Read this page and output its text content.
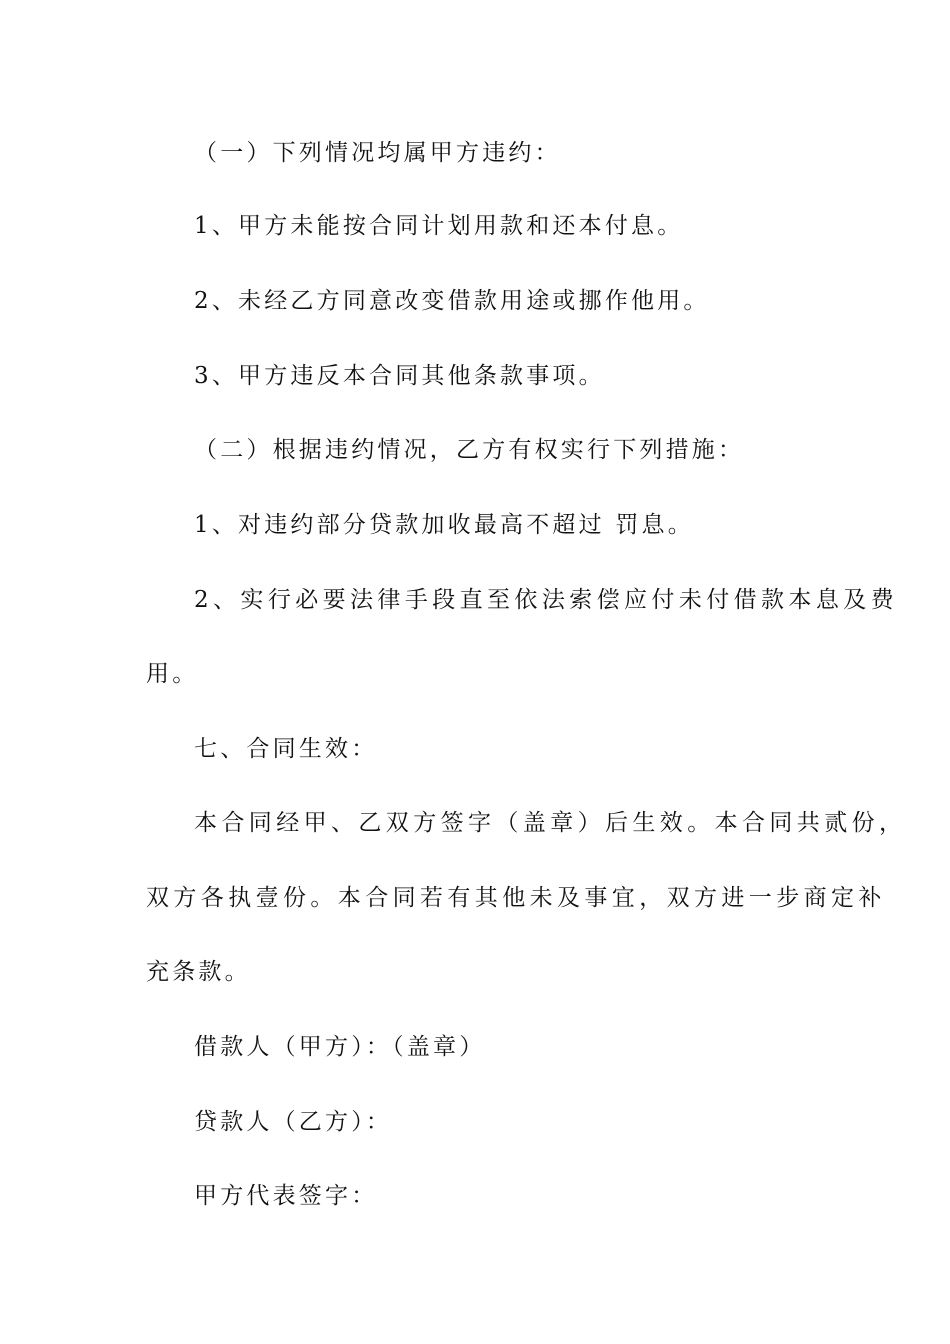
（一）下列情况均属甲方违约：
1、甲方未能按合同计划用款和还本付息。
2、未经乙方同意改变借款用途或挪作他用。
3、甲方违反本合同其他条款事项。
（二）根据违约情况，乙方有权实行下列措施：
1、对违约部分贷款加收最高不超过 罚息。
2、实行必要法律手段直至依法索偿应付未付借款本息及费
用。
七、合同生效：
本合同经甲、乙双方签字（盖章）后生效。本合同共贰份，
双方各执壹份。本合同若有其他未及事宜，双方进一步商定补
充条款。
借款人（甲方）：（盖章）
贷款人（乙方）：
甲方代表签字：
